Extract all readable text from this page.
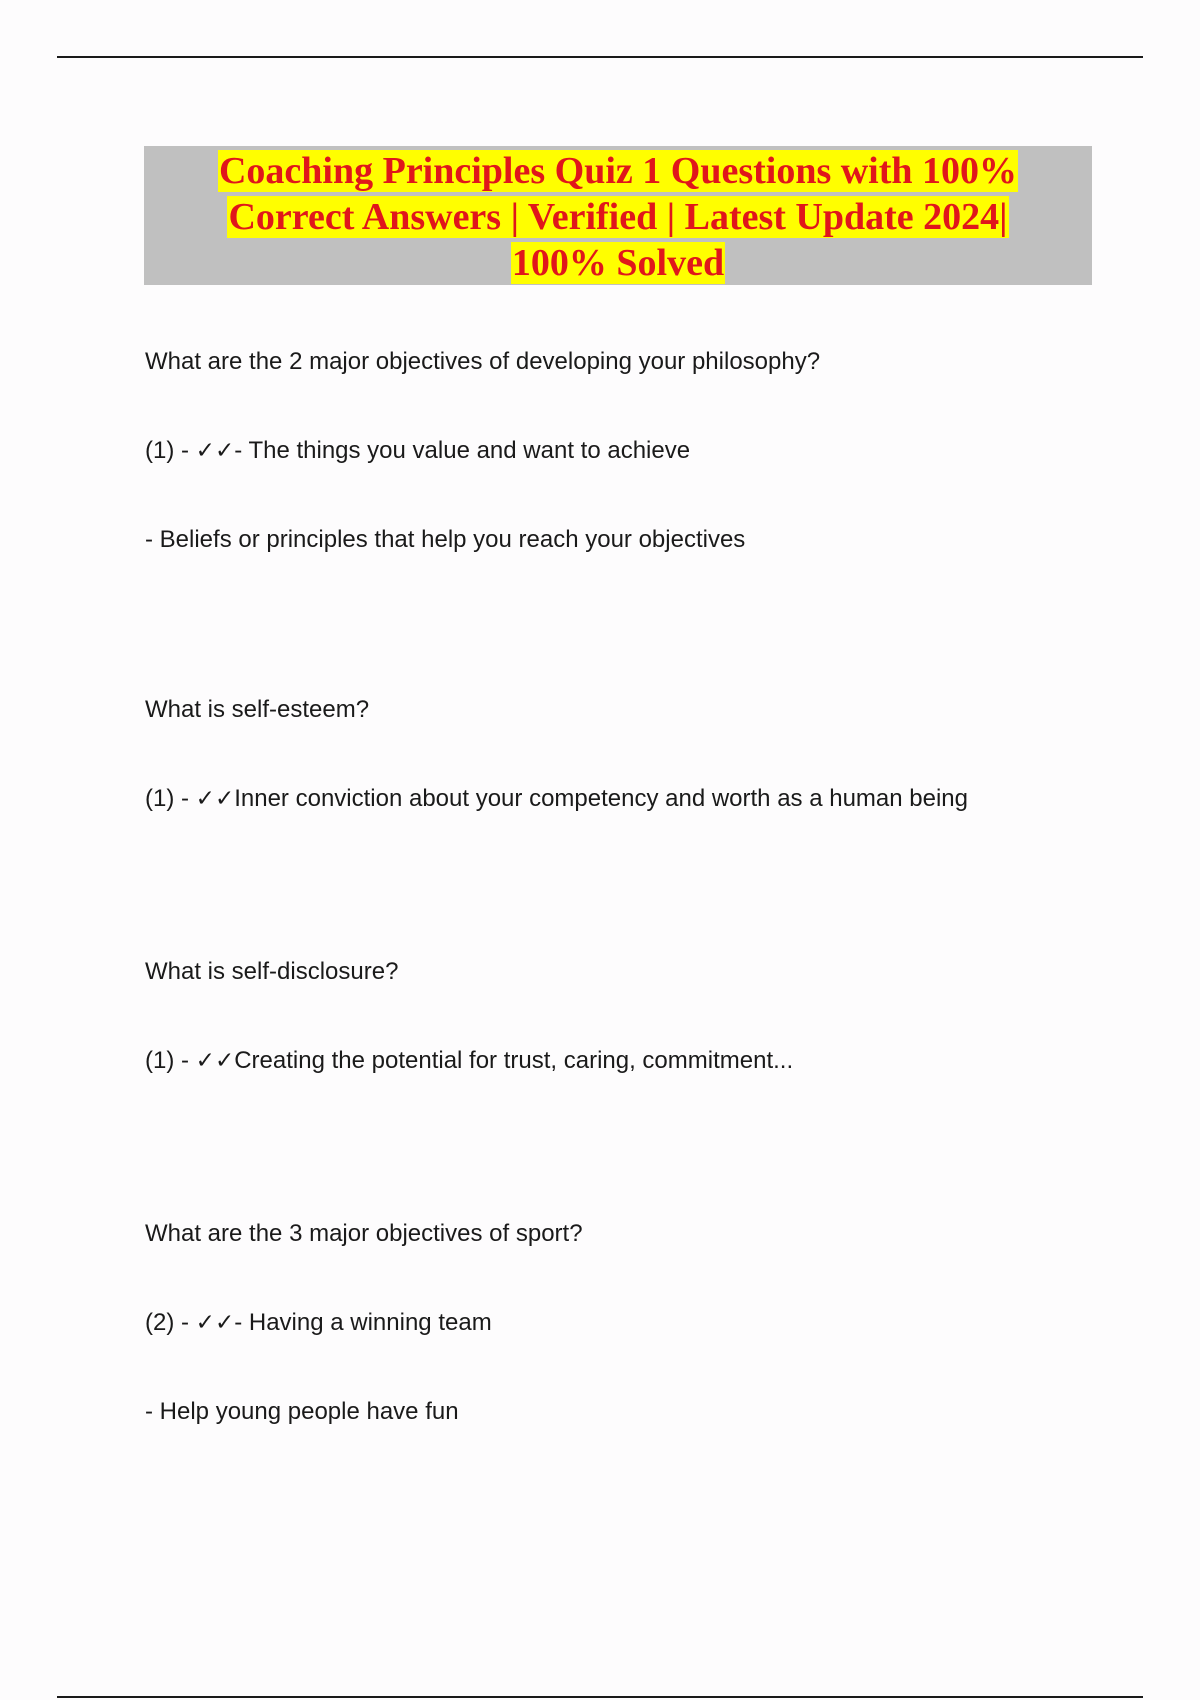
Coaching Principles Quiz 1 Questions with 100%
Correct Answers | Verified | Latest Update 2024|
100% Solved

What are the 2 major objectives of developing your philosophy?

(1) - ✓✓- The things you value and want to achieve

- Beliefs or principles that help you reach your objectives

What is self-esteem?

(1) - ✓✓Inner conviction about your competency and worth as a human being

What is self-disclosure?

(1) - ✓✓Creating the potential for trust, caring, commitment...

What are the 3 major objectives of sport?

(2) - ✓✓- Having a winning team

- Help young people have fun
